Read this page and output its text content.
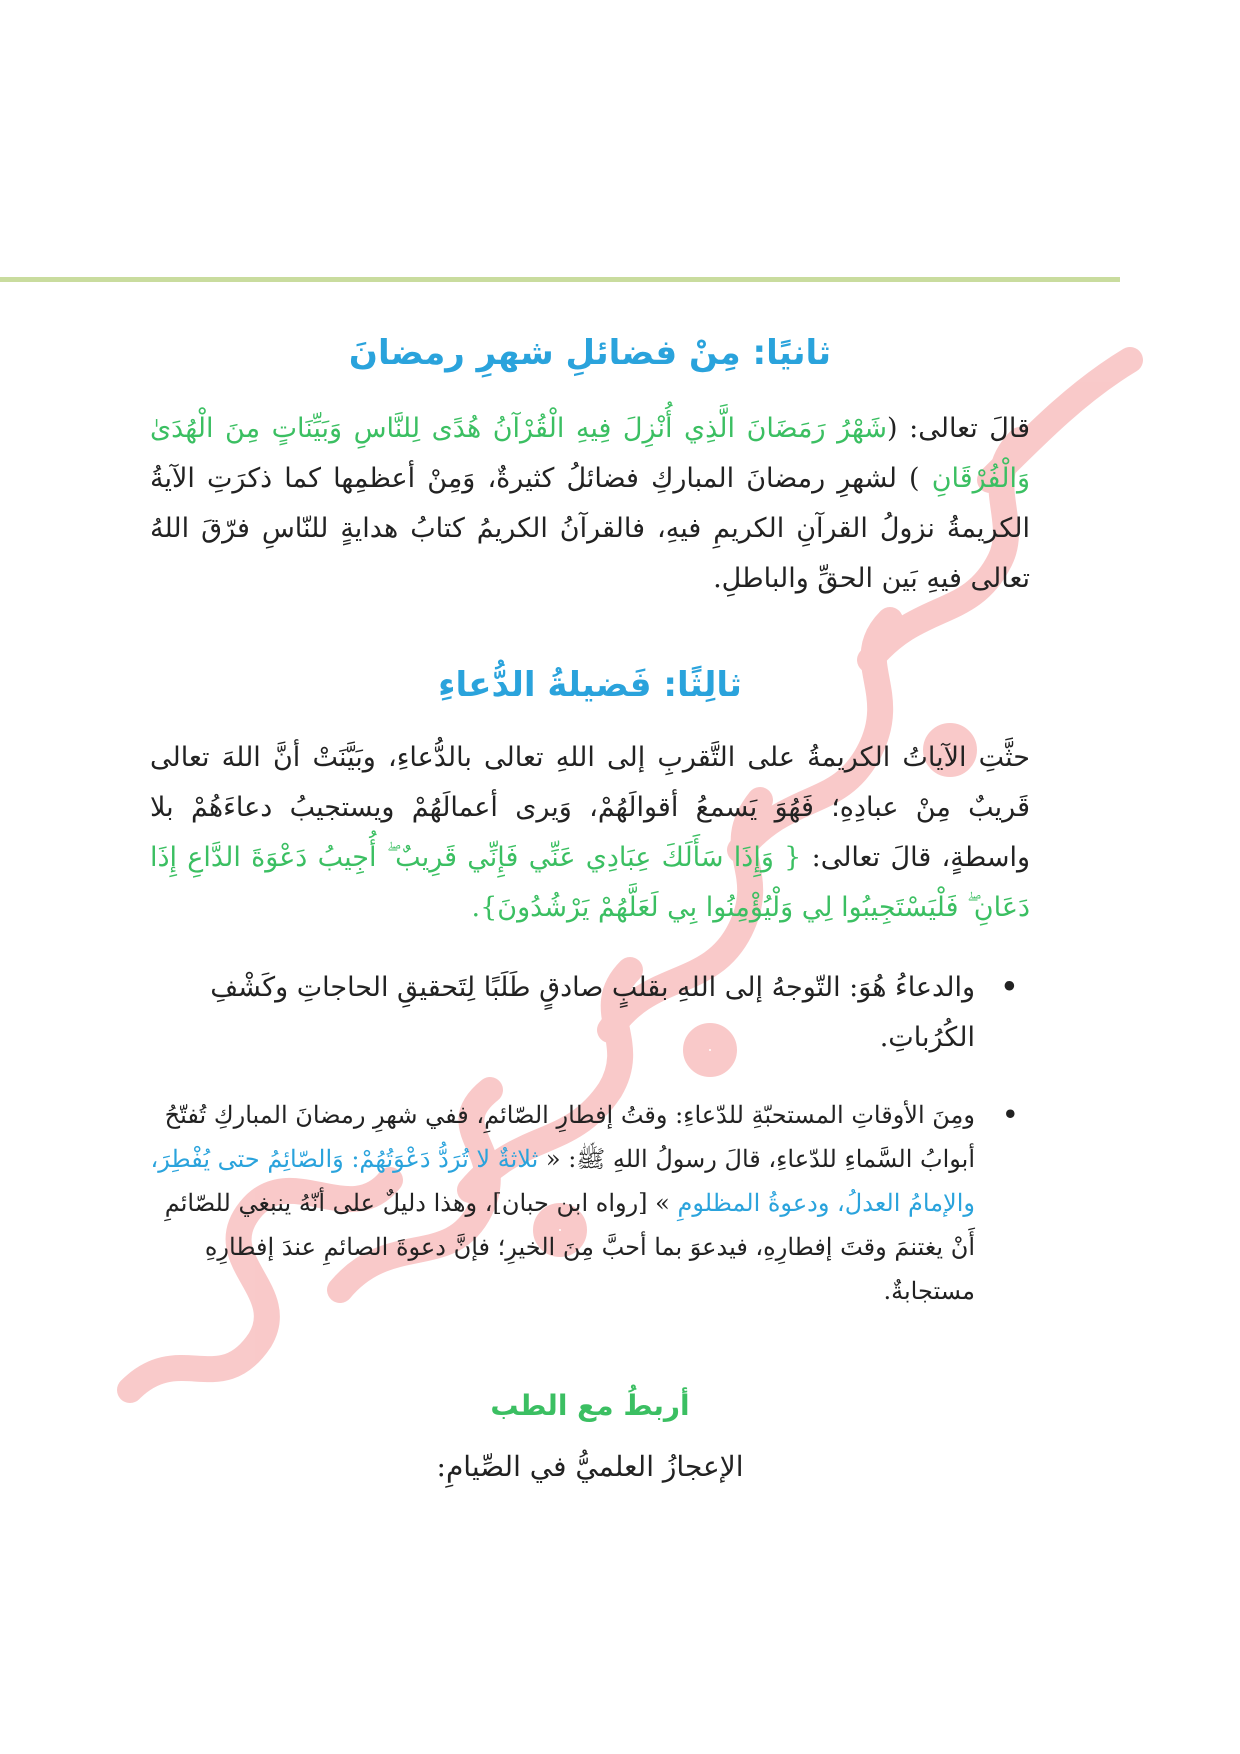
ثانيًا: مِنْ فضائلِ شهرِ رمضانَ

قالَ تعالى: (شَهْرُ رَمَضَانَ الَّذِي أُنْزِلَ فِيهِ الْقُرْآنُ هُدًى لِلنَّاسِ وَبَيِّنَاتٍ مِنَ الْهُدَىٰ وَالْفُرْقَانِ ) لشهرِ رمضانَ المباركِ فضائلُ كثيرةٌ، وَمِنْ أعظمِها كما ذكرَتِ الآيةُ الكريمةُ نزولُ القرآنِ الكريمِ فيهِ، فالقرآنُ الكريمُ كتابُ هدايةٍ للنّاسِ فرّقَ اللهُ تعالى فيهِ بَين الحقِّ والباطلِ.

ثالِثًا: فَضيلةُ الدُّعاءِ

حثَّتِ الآياتُ الكريمةُ على التَّقربِ إلى اللهِ تعالى بالدُّعاءِ، وبَيَّنَتْ أنَّ اللهَ تعالى قَريبٌ مِنْ عبادِهِ؛ فَهُوَ يَسمعُ أقوالَهُمْ، وَيرى أعمالَهُمْ ويستجيبُ دعاءَهُمْ بلا واسطةٍ، قالَ تعالى: { وَإِذَا سَأَلَكَ عِبَادِي عَنِّي فَإِنِّي قَرِيبٌ ۖ أُجِيبُ دَعْوَةَ الدَّاعِ إِذَا دَعَانِ ۖ فَلْيَسْتَجِيبُوا لِي وَلْيُؤْمِنُوا بِي لَعَلَّهُمْ يَرْشُدُونَ}.

•
والدعاءُ هُوَ: التّوجهُ إلى اللهِ بقلبٍ صادقٍ طَلَبًا لِتَحقيقِ الحاجاتِ وكَشْفِ الكُرُباتِ.

•
ومِنَ الأوقاتِ المستحبّةِ للدّعاءِ: وقتُ إفطارِ الصّائمِ، ففي شهرِ رمضانَ المباركِ تُفتّحُ أبوابُ السَّماءِ للدّعاءِ، قالَ رسولُ اللهِ ﷺ: « ثلاثةٌ لا تُرَدُّ دَعْوَتُهُمْ: وَالصّائِمُ حتى يُفْطِرَ، والإمامُ العدلُ، ودعوةُ المظلومِ » [رواه ابن حبان]، وهذا دليلٌ على أنّهُ ينبغي للصّائمِ أَنْ يغتنمَ وقتَ إفطارِهِ، فيدعوَ بما أحبَّ مِنَ الخيرِ؛ فإنَّ دعوةَ الصائمِ عندَ إفطارِهِ مستجابةٌ.

أربطُ مع الطب

الإعجازُ العلميُّ في الصِّيامِ:
